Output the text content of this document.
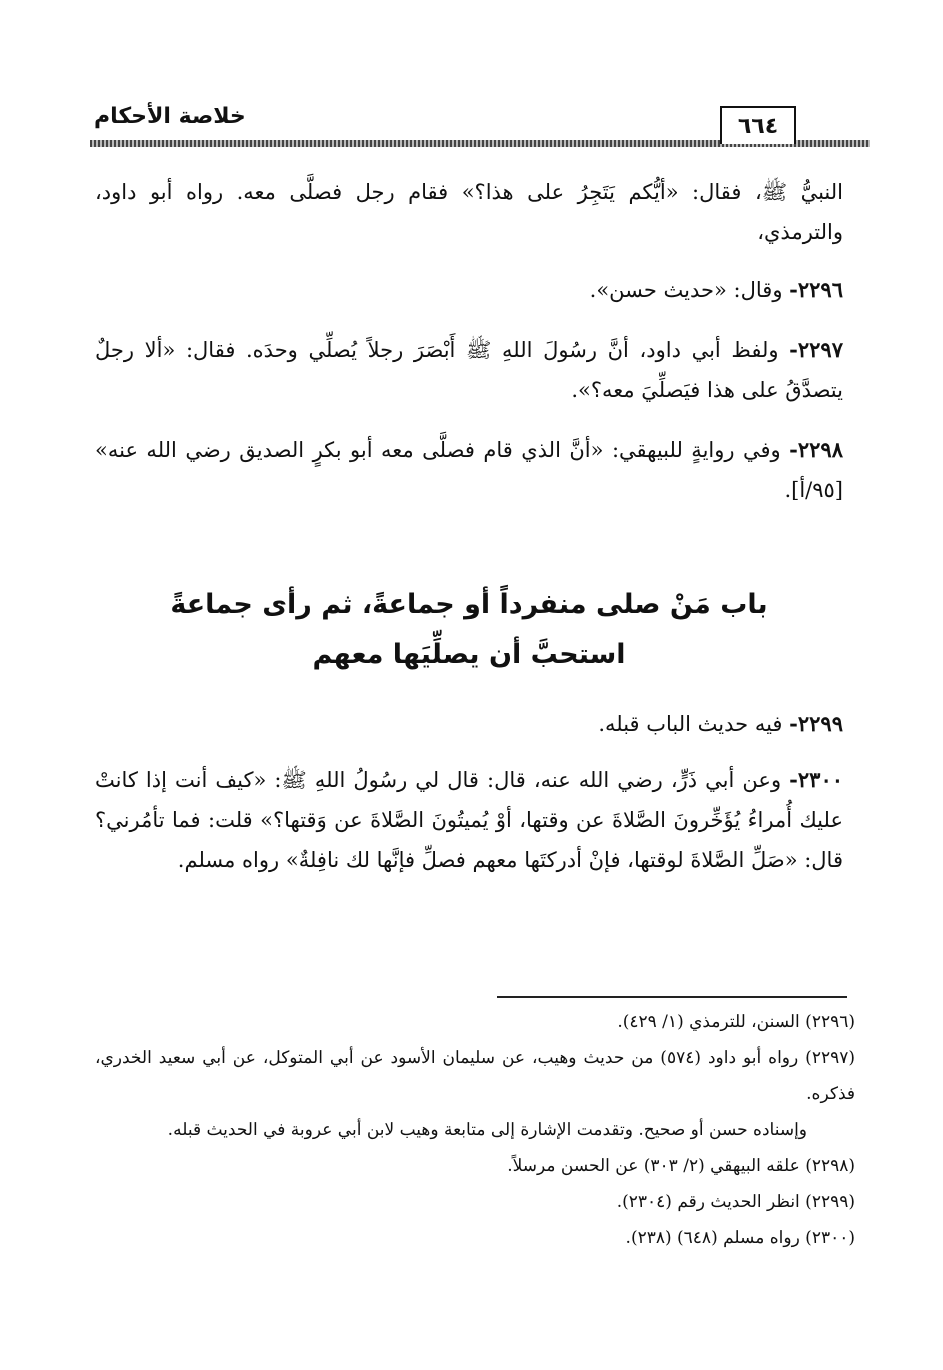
خلاصة الأحكام	٦٦٤

النبيُّ ﷺ، فقال: «أيُّكم يَتَجِرُ على هذا؟» فقام رجل فصلَّى معه. رواه أبو داود، والترمذي،

٢٢٩٦- وقال: «حديث حسن».

٢٢٩٧- ولفظ أبي داود، أنَّ رسُولَ اللهِ ﷺ أَبْصَرَ رجلاً يُصلِّي وحدَه. فقال: «ألا رجلٌ يتصدَّقُ على هذا فيَصلِّيَ معه؟».

٢٢٩٨- وفي روايةٍ للبيهقي: «أنَّ الذي قام فصلَّى معه أبو بكرٍ الصديق رضي الله عنه» [٩٥/أ].

باب مَنْ صلى منفرداً أو جماعةً، ثم رأى جماعةً
استحبَّ أن يصلِّيَها معهم

٢٢٩٩- فيه حديث الباب قبله.

٢٣٠٠- وعن أبي ذَرٍّ، رضي الله عنه، قال: قال لي رسُولُ اللهِ ﷺ: «كيف أنت إذا كانتْ عليك أُمراءُ يُؤَخِّرونَ الصَّلاةَ عن وقتها، أوْ يُميتُونَ الصَّلاةَ عن وَقتها؟» قلت: فما تأمُرني؟ قال: «صَلِّ الصَّلاةَ لوقتها، فإنْ أدركتَها معهم فصلِّ فإنَّها لك نافِلةٌ» رواه مسلم.

(٢٢٩٦) السنن، للترمذي (١/ ٤٢٩).

(٢٢٩٧) رواه أبو داود (٥٧٤) من حديث وهيب، عن سليمان الأسود عن أبي المتوكل، عن أبي سعيد الخدري، فذكره.

وإسناده حسن أو صحيح. وتقدمت الإشارة إلى متابعة وهيب لابن أبي عروبة في الحديث قبله.

(٢٢٩٨) علقه البيهقي (٢/ ٣٠٣) عن الحسن مرسلاً.

(٢٢٩٩) انظر الحديث رقم (٢٣٠٤).

(٢٣٠٠) رواه مسلم (٦٤٨) (٢٣٨).
